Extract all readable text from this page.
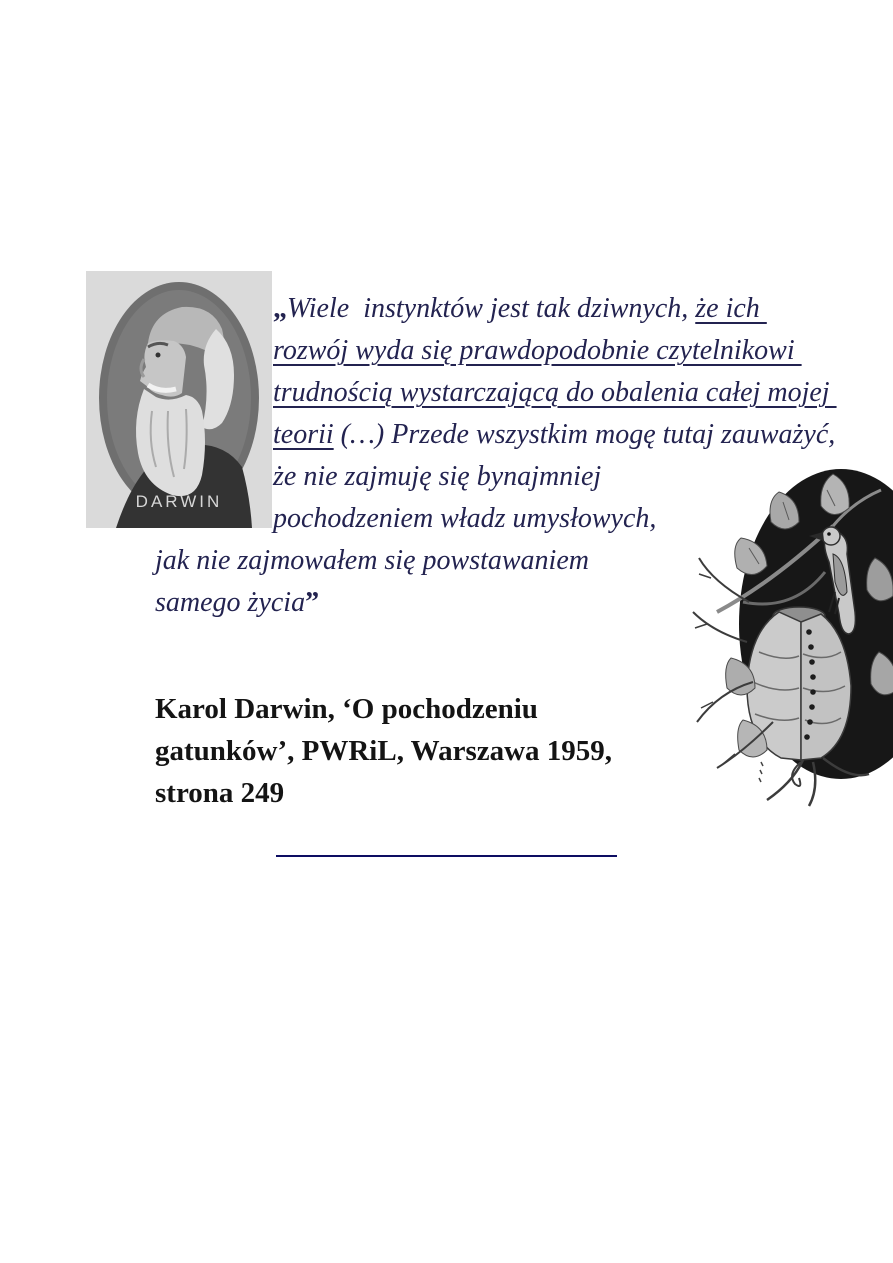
DARWIN
„Wiele  instynktów jest tak dziwnych, że ich
rozwój wyda się prawdopodobnie czytelnikowi
trudnością wystarczającą do obalenia całej mojej
teorii (…) Przede wszystkim mogę tutaj zauważyć,
że nie zajmuję się bynajmniej
pochodzeniem władz umysłowych,
jak nie zajmowałem się powstawaniem
samego życia”
Karol Darwin, ‘O pochodzeniu
gatunków’, PWRiL, Warszawa 1959,
strona 249
